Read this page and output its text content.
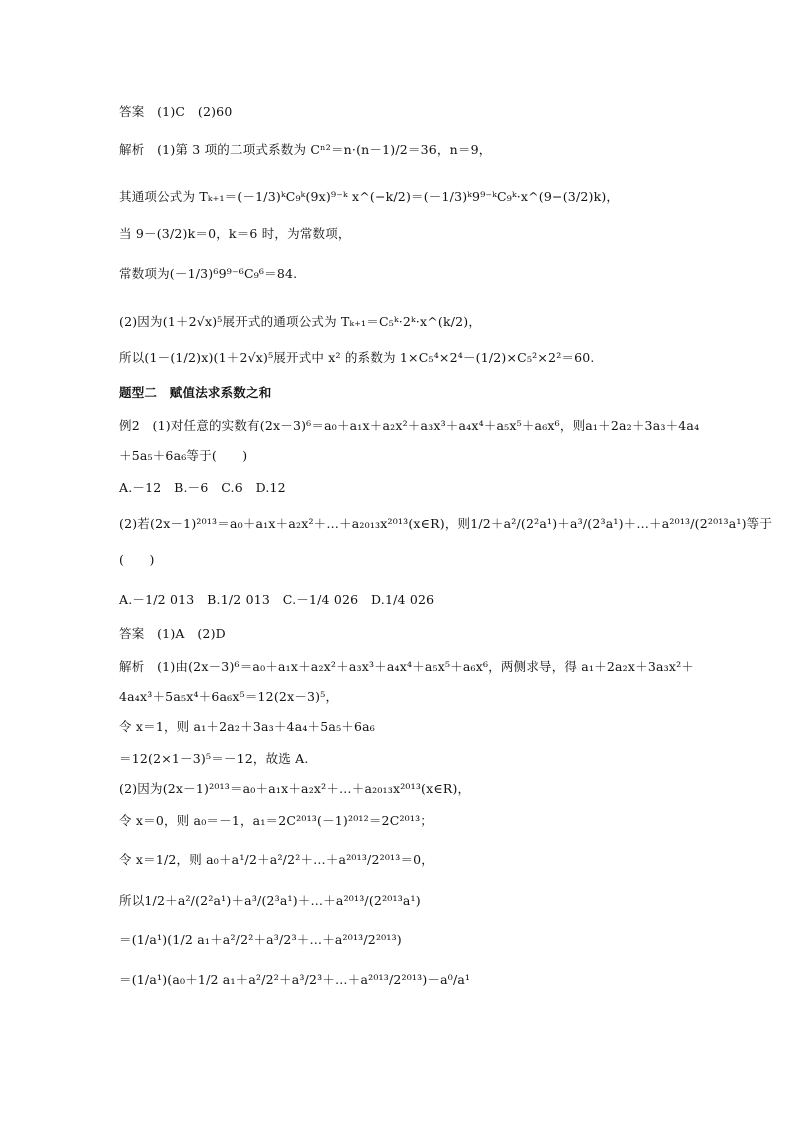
答案　(1)C　(2)60
解析　(1)第 3 项的二项式系数为 Cⁿ²＝n·(n－1)/2＝36，n＝9，
其通项公式为 Tₖ₊₁＝(－1/3)ᵏC₉ᵏ(9x)⁹⁻ᵏ x^(−k/2)＝(－1/3)ᵏ9⁹⁻ᵏC₉ᵏ·x^(9−(3/2)k)，
当 9－(3/2)k＝0，k＝6 时，为常数项，
常数项为(－1/3)⁶9⁹⁻⁶C₉⁶＝84.
(2)因为(1＋2√x)⁵展开式的通项公式为 Tₖ₊₁＝C₅ᵏ·2ᵏ·x^(k/2)，
所以(1－(1/2)x)(1＋2√x)⁵展开式中 x² 的系数为 1×C₅⁴×2⁴－(1/2)×C₅²×2²＝60.
题型二　赋值法求系数之和
例2　(1)对任意的实数有(2x－3)⁶＝a₀＋a₁x＋a₂x²＋a₃x³＋a₄x⁴＋a₅x⁵＋a₆x⁶，则a₁＋2a₂＋3a₃＋4a₄
＋5a₅＋6a₆等于(　　)
A.－12　B.－6　C.6　D.12
(2)若(2x－1)²⁰¹³＝a₀＋a₁x＋a₂x²＋…＋a₂₀₁₃x²⁰¹³(x∈R)，则1/2＋a²/(2²a¹)＋a³/(2³a¹)＋…＋a²⁰¹³/(2²⁰¹³a¹)等于
(　　)
A.－1/2 013　B.1/2 013　C.－1/4 026　D.1/4 026
答案　(1)A　(2)D
解析　(1)由(2x－3)⁶＝a₀＋a₁x＋a₂x²＋a₃x³＋a₄x⁴＋a₅x⁵＋a₆x⁶，两侧求导，得 a₁＋2a₂x＋3a₃x²＋
4a₄x³＋5a₅x⁴＋6a₆x⁵＝12(2x－3)⁵，
令 x＝1，则 a₁＋2a₂＋3a₃＋4a₄＋5a₅＋6a₆
＝12(2×1－3)⁵＝－12，故选 A.
(2)因为(2x－1)²⁰¹³＝a₀＋a₁x＋a₂x²＋…＋a₂₀₁₃x²⁰¹³(x∈R)，
令 x＝0，则 a₀＝－1，a₁＝2C²⁰¹³(－1)²⁰¹²＝2C²⁰¹³；
令 x＝1/2，则 a₀＋a¹/2＋a²/2²＋…＋a²⁰¹³/2²⁰¹³＝0，
所以1/2＋a²/(2²a¹)＋a³/(2³a¹)＋…＋a²⁰¹³/(2²⁰¹³a¹)
＝(1/a¹)(1/2 a₁＋a²/2²＋a³/2³＋…＋a²⁰¹³/2²⁰¹³)
＝(1/a¹)(a₀＋1/2 a₁＋a²/2²＋a³/2³＋…＋a²⁰¹³/2²⁰¹³)－a⁰/a¹
